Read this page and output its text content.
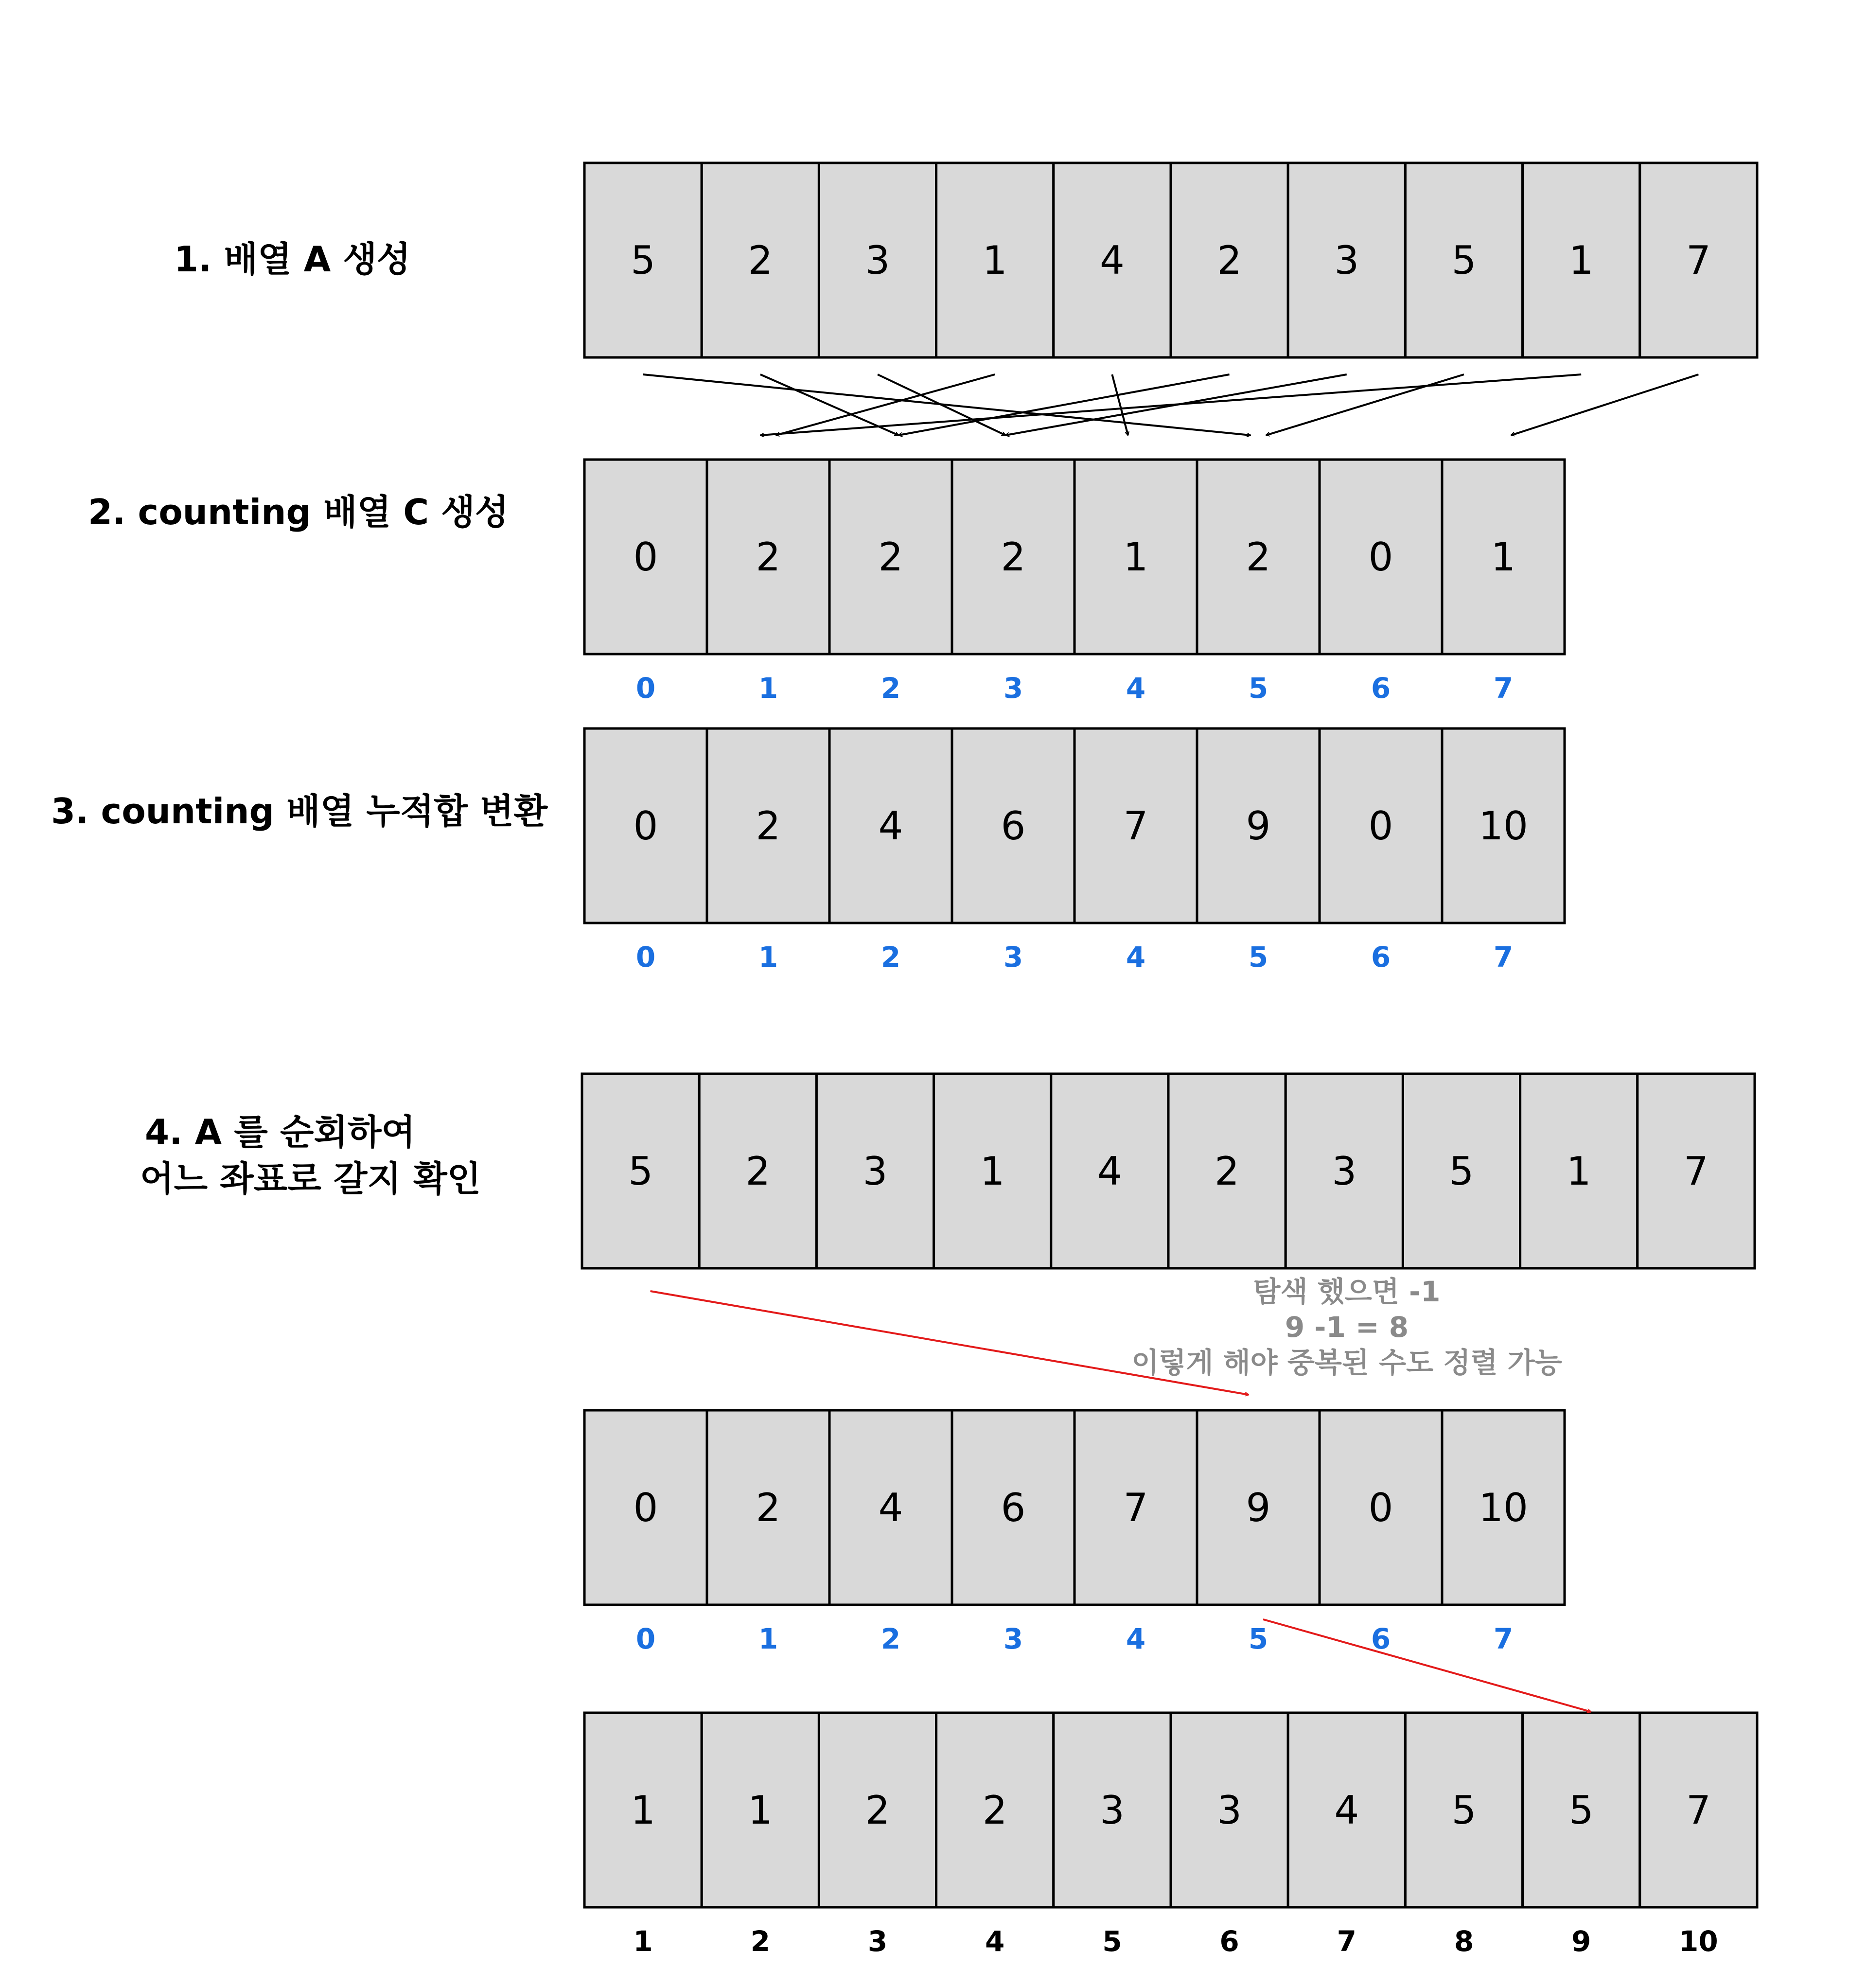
5 2 3 1 4 2 3 5 1 7
0	2	2	2	1	2	0	1
0	1	2	3	4	5	6	7
0	2	4	6	7	9	0 10
0	1	2	3	4	5	6	7
5 2 3 1 4 2 3 5 1 7
0	2	4	6	7	9	0 10
0	1	2	3	4	5	6	7
1 1 2 2 3 3 4 5 5 7
1	2	3	4	5	6	7	8	9	10
1. 배열 A 생성
2. counting 배열 C 생성
3. counting 배열 누적합 변환
4. A 를 순회하여
어느 좌표로 갈지 확인
탐색 했으면 -1
9 -1 = 8
이렇게 해야 중복된 수도 정렬 가능
